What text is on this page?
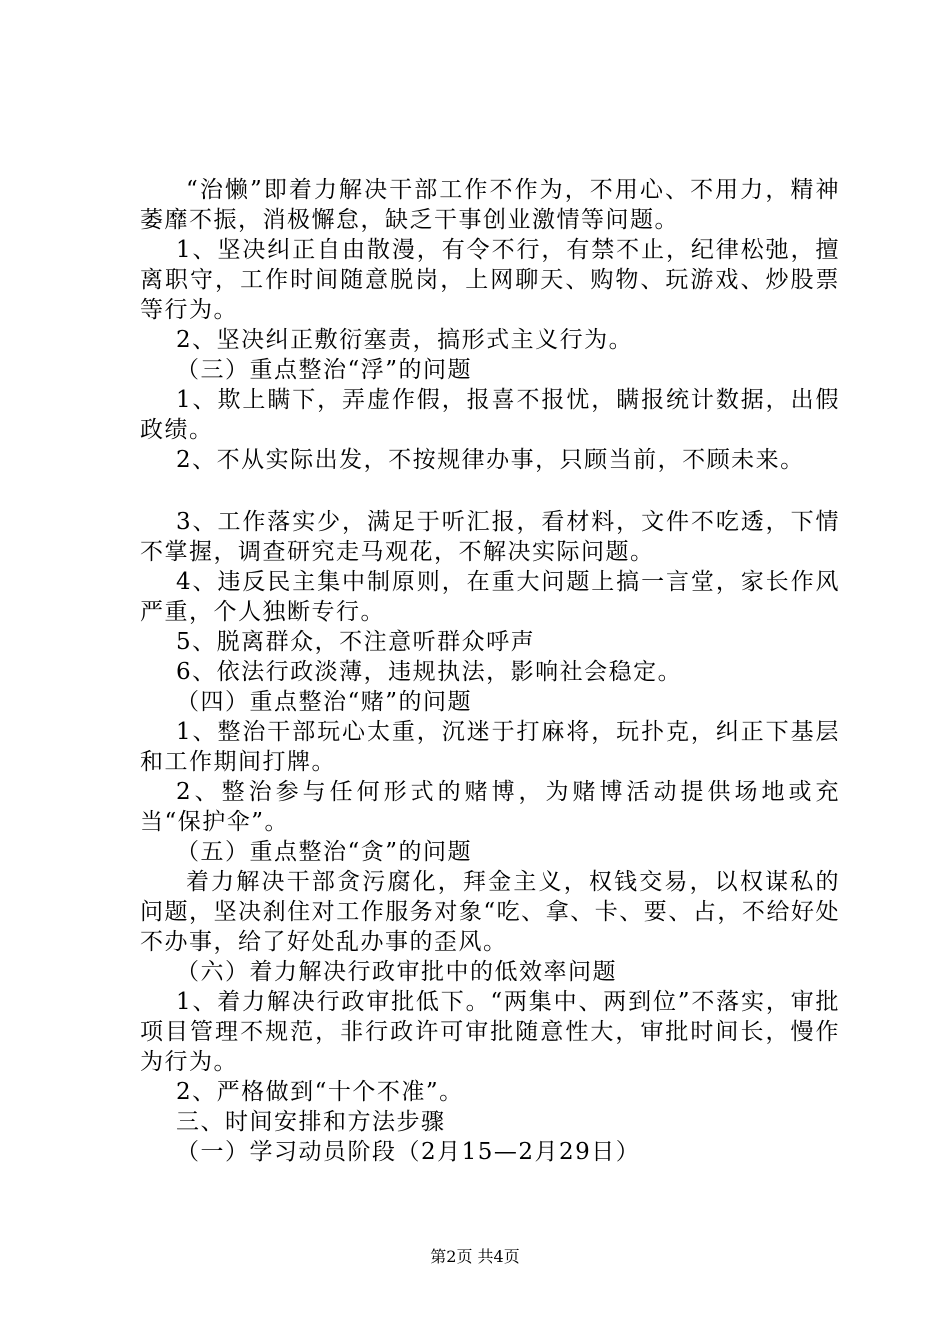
“治懒”即着力解决干部工作不作为，不用心、不用力，精神萎靡不振，消极懈怠，缺乏干事创业激情等问题。

1、坚决纠正自由散漫，有令不行，有禁不止，纪律松弛，擅离职守，工作时间随意脱岗，上网聊天、购物、玩游戏、炒股票等行为。

2、坚决纠正敷衍塞责，搞形式主义行为。

（三）重点整治“浮”的问题

1、欺上瞒下，弄虚作假，报喜不报忧，瞒报统计数据，出假政绩。

2、不从实际出发，不按规律办事，只顾当前，不顾未来。

3、工作落实少，满足于听汇报，看材料，文件不吃透，下情不掌握，调查研究走马观花，不解决实际问题。

4、违反民主集中制原则，在重大问题上搞一言堂，家长作风严重，个人独断专行。

5、脱离群众，不注意听群众呼声

6、依法行政淡薄，违规执法，影响社会稳定。

（四）重点整治“赌”的问题

1、整治干部玩心太重，沉迷于打麻将，玩扑克，纠正下基层和工作期间打牌。

2、整治参与任何形式的赌博，为赌博活动提供场地或充当“保护伞”。

（五）重点整治“贪”的问题

着力解决干部贪污腐化，拜金主义，权钱交易，以权谋私的问题，坚决刹住对工作服务对象“吃、拿、卡、要、占，不给好处不办事，给了好处乱办事的歪风。

（六）着力解决行政审批中的低效率问题

1、着力解决行政审批低下。“两集中、两到位”不落实，审批项目管理不规范，非行政许可审批随意性大，审批时间长，慢作为行为。

2、严格做到“十个不准”。

三、时间安排和方法步骤

（一）学习动员阶段（2月15—2月29日）

第2页 共4页
